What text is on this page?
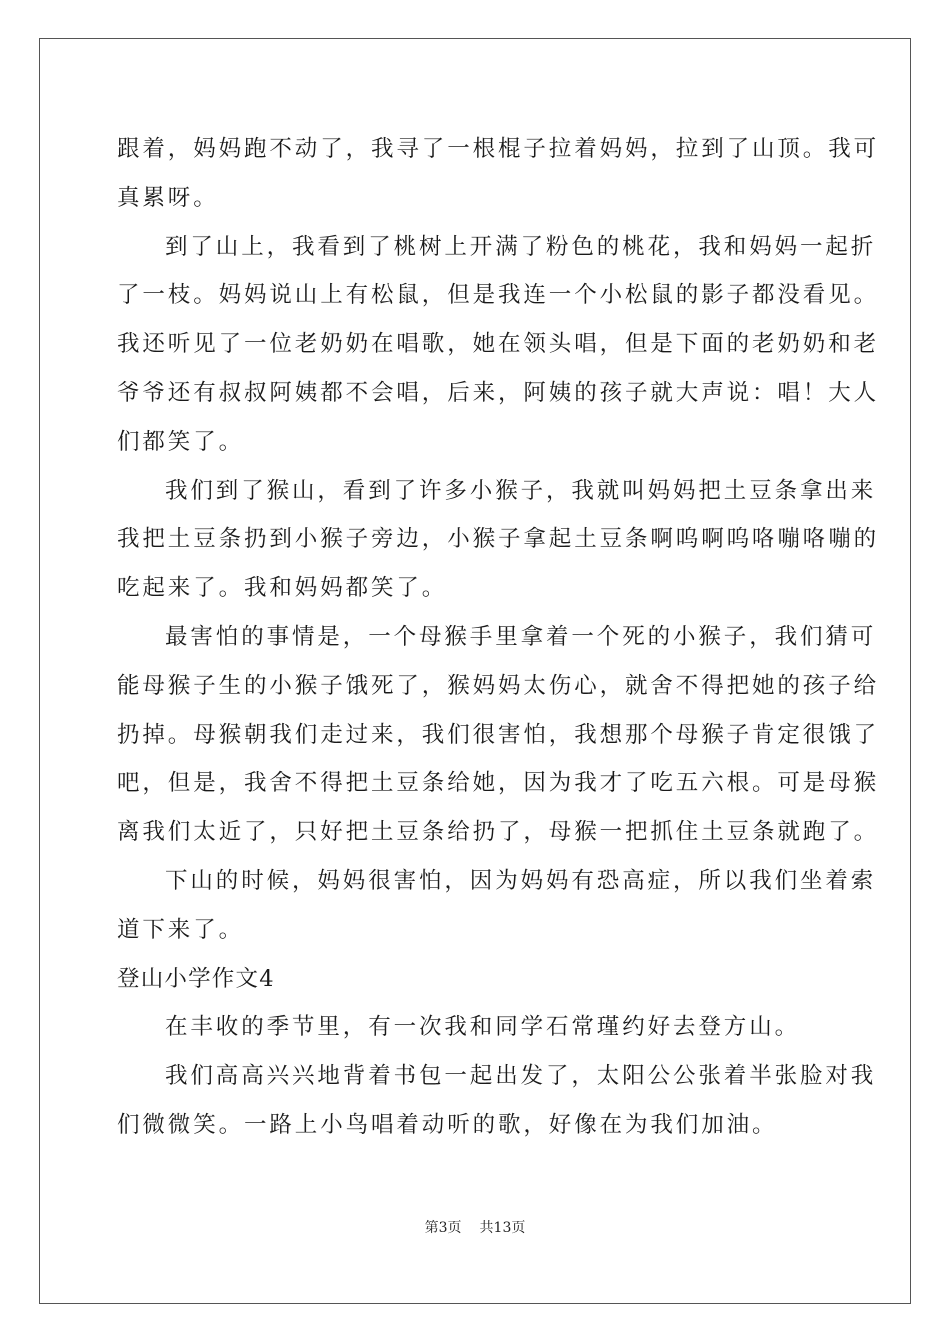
跟着，妈妈跑不动了，我寻了一根棍子拉着妈妈，拉到了山顶。我可
真累呀。
到了山上，我看到了桃树上开满了粉色的桃花，我和妈妈一起折
了一枝。妈妈说山上有松鼠，但是我连一个小松鼠的影子都没看见。
我还听见了一位老奶奶在唱歌，她在领头唱，但是下面的老奶奶和老
爷爷还有叔叔阿姨都不会唱，后来，阿姨的孩子就大声说：唱！大人
们都笑了。
我们到了猴山，看到了许多小猴子，我就叫妈妈把土豆条拿出来
我把土豆条扔到小猴子旁边，小猴子拿起土豆条啊呜啊呜咯嘣咯嘣的
吃起来了。我和妈妈都笑了。
最害怕的事情是，一个母猴手里拿着一个死的小猴子，我们猜可
能母猴子生的小猴子饿死了，猴妈妈太伤心，就舍不得把她的孩子给
扔掉。母猴朝我们走过来，我们很害怕，我想那个母猴子肯定很饿了
吧，但是，我舍不得把土豆条给她，因为我才了吃五六根。可是母猴
离我们太近了，只好把土豆条给扔了，母猴一把抓住土豆条就跑了。
下山的时候，妈妈很害怕，因为妈妈有恐高症，所以我们坐着索
道下来了。
登山小学作文4
在丰收的季节里，有一次我和同学石常瑾约好去登方山。
我们高高兴兴地背着书包一起出发了，太阳公公张着半张脸对我
们微微笑。一路上小鸟唱着动听的歌，好像在为我们加油。
第3页 共13页
